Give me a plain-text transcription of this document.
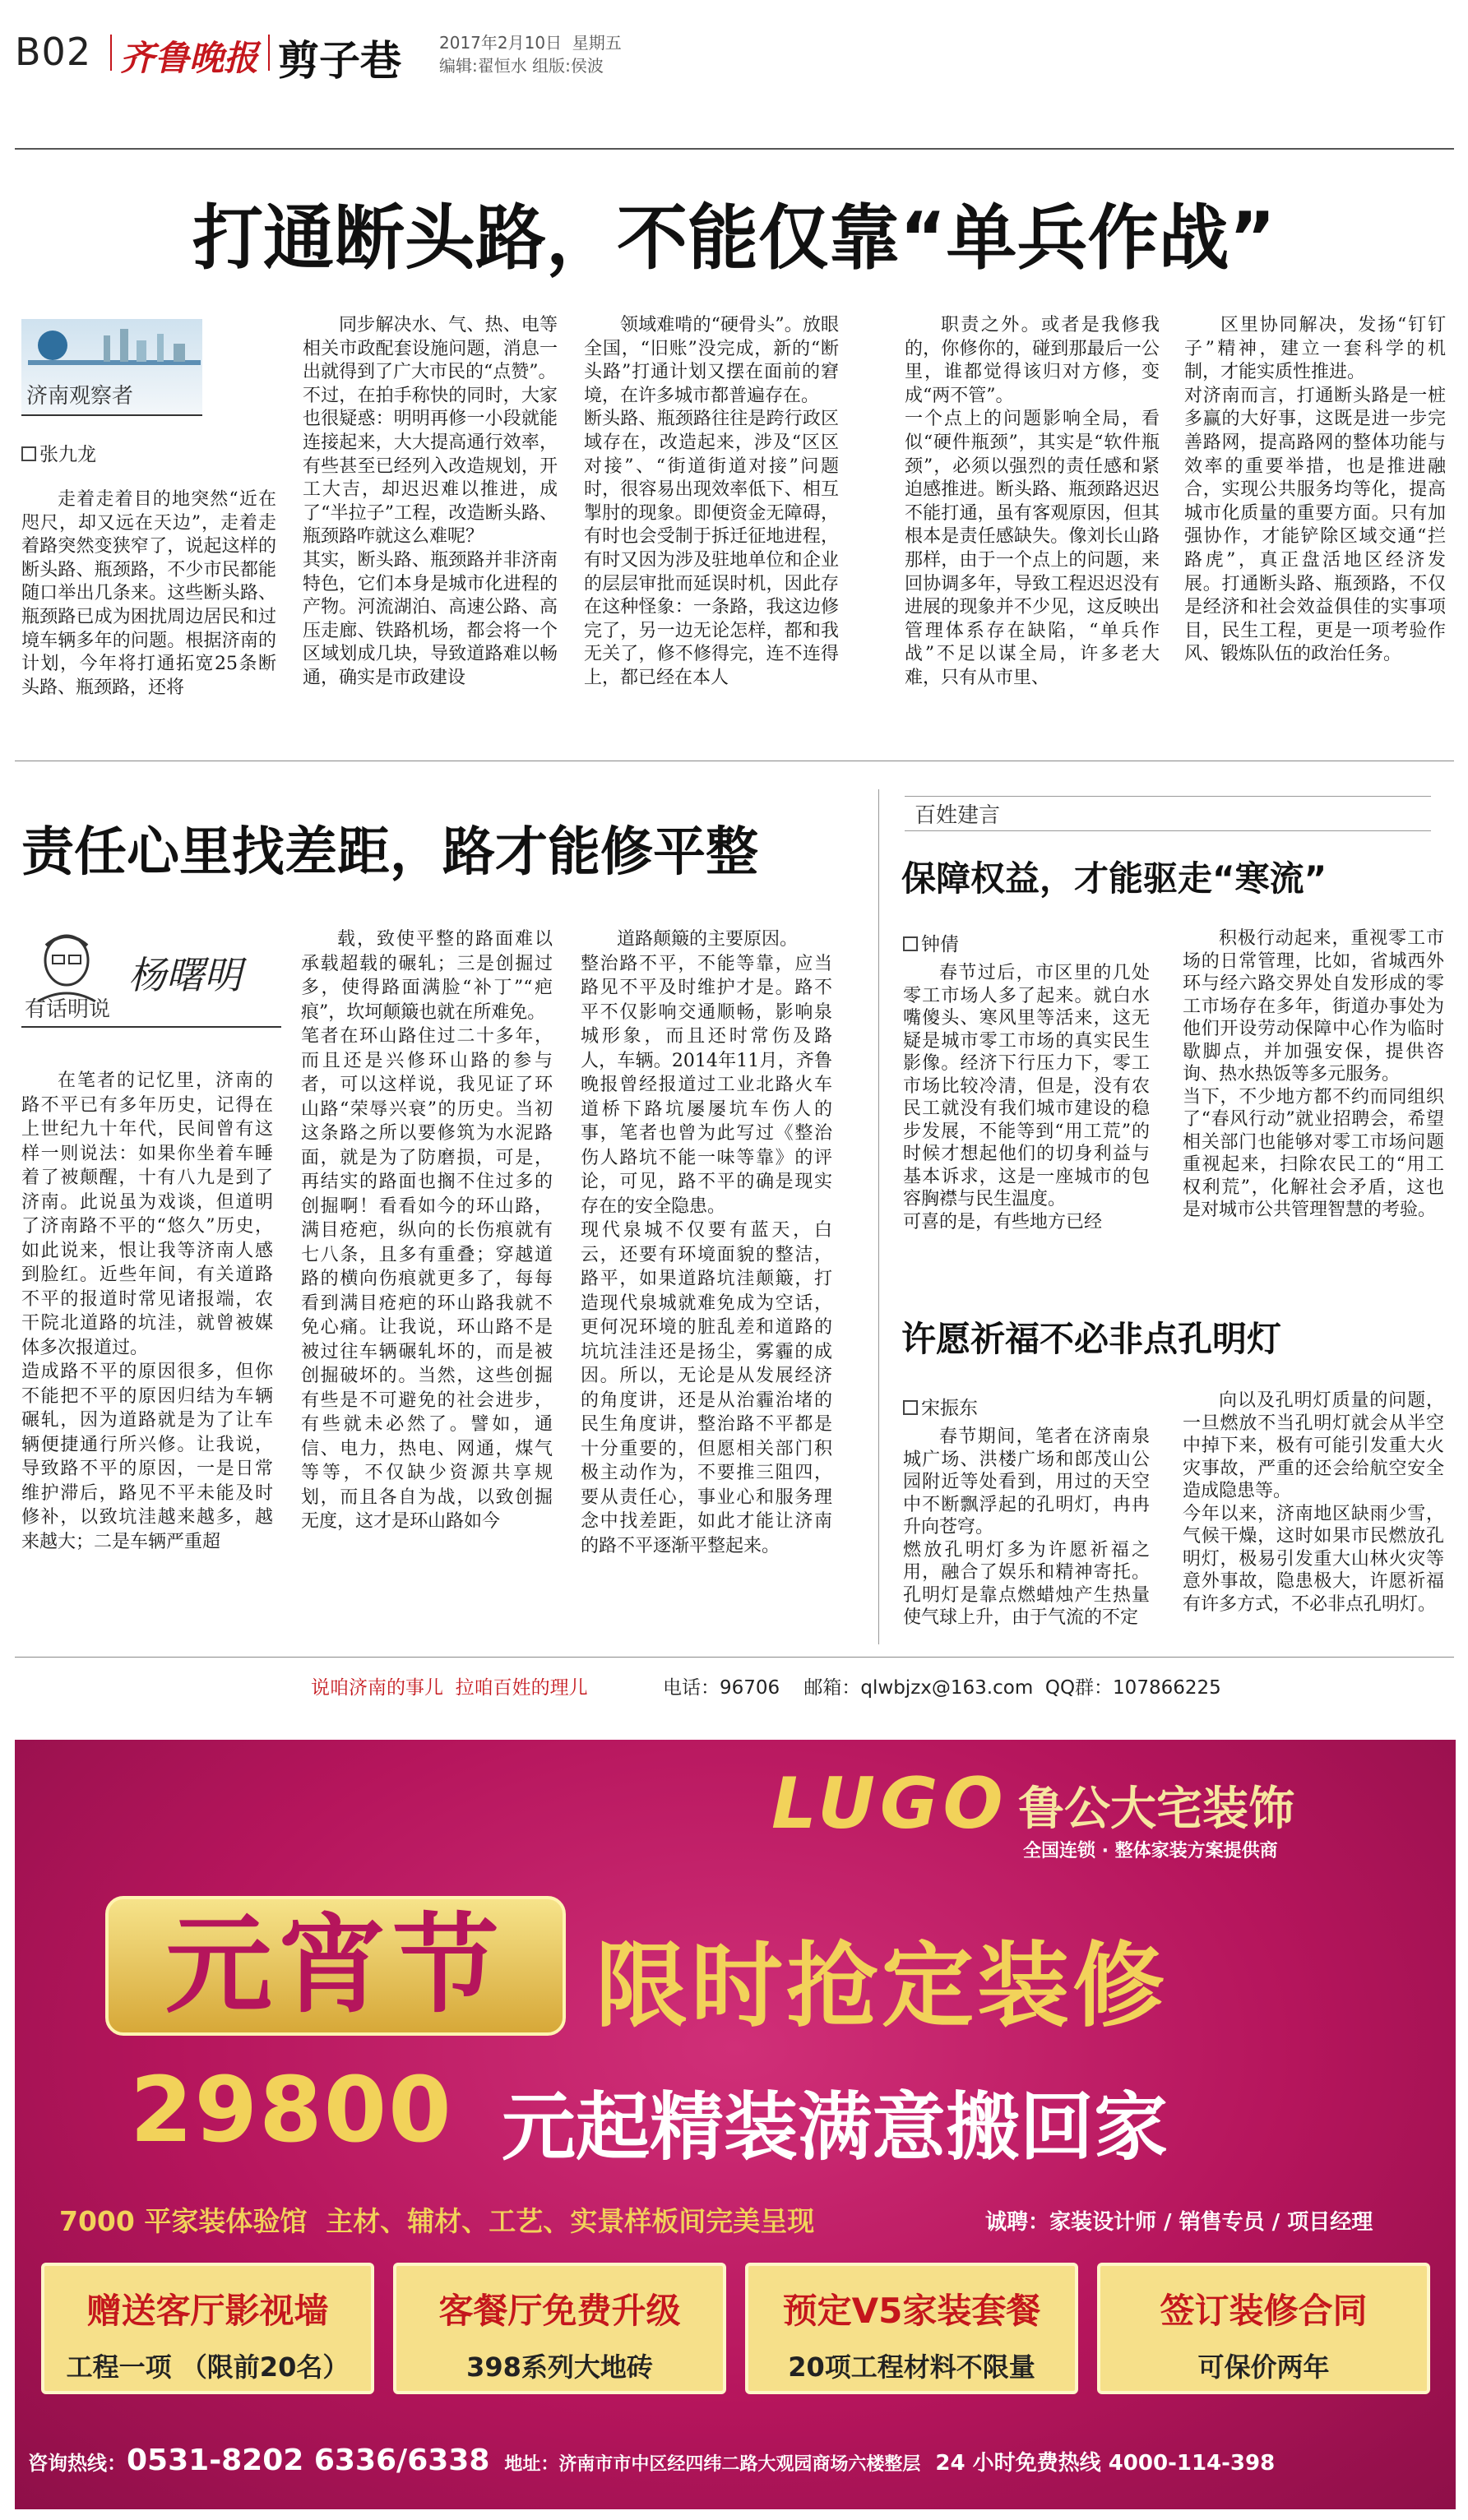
B02 齐鲁晚报 剪子巷 2017年2月10日 星期五
编辑:翟恒水 组版:侯波
打通断头路，不能仅靠“单兵作战”
济南观察者
张九龙

走着走着目的地突然“近在咫尺，却又远在天边”，走着走着路突然变狭窄了，说起这样的断头路、瓶颈路，不少市民都能随口举出几条来。这些断头路、瓶颈路已成为困扰周边居民和过境车辆多年的问题。根据济南的计划，今年将打通拓宽25条断头路、瓶颈路，还将

同步解决水、气、热、电等相关市政配套设施问题，消息一出就得到了广大市民的“点赞”。
不过，在拍手称快的同时，大家也很疑惑：明明再修一小段就能连接起来，大大提高通行效率，有些甚至已经列入改造规划，开工大吉，却迟迟难以推进，成了“半拉子”工程，改造断头路、瓶颈路咋就这么难呢？
其实，断头路、瓶颈路并非济南特色，它们本身是城市化进程的产物。河流湖泊、高速公路、高压走廊、铁路机场，都会将一个区域划成几块，导致道路难以畅通，确实是市政建设

领域难啃的“硬骨头”。放眼全国，“旧账”没完成，新的“断头路”打通计划又摆在面前的窘境，在许多城市都普遍存在。
断头路、瓶颈路往往是跨行政区域存在，改造起来，涉及“区区对接”、“街道街道对接”问题时，很容易出现效率低下、相互掣肘的现象。即便资金无障碍，有时也会受制于拆迁征地进程，有时又因为涉及驻地单位和企业的层层审批而延误时机，因此存在这种怪象：一条路，我这边修完了，另一边无论怎样，都和我无关了，修不修得完，连不连得上，都已经在本人

职责之外。或者是我修我的，你修你的，碰到那最后一公里，谁都觉得该归对方修，变成“两不管”。
一个点上的问题影响全局，看似“硬件瓶颈”，其实是“软件瓶颈”，必须以强烈的责任感和紧迫感推进。断头路、瓶颈路迟迟不能打通，虽有客观原因，但其根本是责任感缺失。像刘长山路那样，由于一个点上的问题，来回协调多年，导致工程迟迟没有进展的现象并不少见，这反映出管理体系存在缺陷，“单兵作战”不足以谋全局，许多老大难，只有从市里、

区里协同解决，发扬“钉钉子”精神，建立一套科学的机制，才能实质性推进。
对济南而言，打通断头路是一桩多赢的大好事，这既是进一步完善路网，提高路网的整体功能与效率的重要举措，也是推进融合，实现公共服务均等化，提高城市化质量的重要方面。只有加强协作，才能铲除区域交通“拦路虎”，真正盘活地区经济发展。打通断头路、瓶颈路，不仅是经济和社会效益俱佳的实事项目，民生工程，更是一项考验作风、锻炼队伍的政治任务。

责任心里找差距，路才能修平整
杨曙明
有话明说

在笔者的记忆里，济南的路不平已有多年历史，记得在上世纪九十年代，民间曾有这样一则说法：如果你坐着车睡着了被颠醒，十有八九是到了济南。此说虽为戏谈，但道明了济南路不平的“悠久”历史，如此说来，恨让我等济南人感到脸红。近些年间，有关道路不平的报道时常见诸报端，农干院北道路的坑洼，就曾被媒体多次报道过。
造成路不平的原因很多，但你不能把不平的原因归结为车辆碾轧，因为道路就是为了让车辆便捷通行所兴修。让我说，导致路不平的原因，一是日常维护滞后，路见不平未能及时修补，以致坑洼越来越多，越来越大；二是车辆严重超

载，致使平整的路面难以承载超载的碾轧；三是创掘过多，使得路面满脸“补丁”“疤痕”，坎坷颠簸也就在所难免。
笔者在环山路住过二十多年，而且还是兴修环山路的参与者，可以这样说，我见证了环山路“荣辱兴衰”的历史。当初这条路之所以要修筑为水泥路面，就是为了防磨损，可是，再结实的路面也搁不住过多的创掘啊！看看如今的环山路，满目疮疤，纵向的长伤痕就有七八条，且多有重叠；穿越道路的横向伤痕就更多了，每每看到满目疮疤的环山路我就不免心痛。让我说，环山路不是被过往车辆碾轧坏的，而是被创掘破坏的。当然，这些创掘有些是不可避免的社会进步，有些就未必然了。譬如，通信、电力，热电、网通，煤气等等，不仅缺少资源共享规划，而且各自为战，以致创掘无度，这才是环山路如今

道路颠簸的主要原因。
整治路不平，不能等靠，应当路见不平及时维护才是。路不平不仅影响交通顺畅，影响泉城形象，而且还时常伤及路人，车辆。2014年11月，齐鲁晚报曾经报道过工业北路火车道桥下路坑屡屡坑车伤人的事，笔者也曾为此写过《整治伤人路坑不能一味等靠》的评论，可见，路不平的确是现实存在的安全隐患。
现代泉城不仅要有蓝天，白云，还要有环境面貌的整洁，路平，如果道路坑洼颠簸，打造现代泉城就难免成为空话，更何况环境的脏乱差和道路的坑坑洼洼还是扬尘，雾霾的成因。所以，无论是从发展经济的角度讲，还是从治霾治堵的民生角度讲，整治路不平都是十分重要的，但愿相关部门积极主动作为，不要推三阻四，要从责任心，事业心和服务理念中找差距，如此才能让济南的路不平逐渐平整起来。

百姓建言
保障权益，才能驱走“寒流”
钟倩

春节过后，市区里的几处零工市场人多了起来。就白水嘴傻头、寒风里等活来，这无疑是城市零工市场的真实民生影像。经济下行压力下，零工市场比较冷清，但是，没有农民工就没有我们城市建设的稳步发展，不能等到“用工荒”的时候才想起他们的切身利益与基本诉求，这是一座城市的包容胸襟与民生温度。
可喜的是，有些地方已经

积极行动起来，重视零工市场的日常管理，比如，省城西外环与经六路交界处自发形成的零工市场存在多年，街道办事处为他们开设劳动保障中心作为临时歇脚点，并加强安保，提供咨询、热水热饭等多元服务。
当下，不少地方都不约而同组织了“春风行动”就业招聘会，希望相关部门也能够对零工市场问题重视起来，扫除农民工的“用工权利荒”，化解社会矛盾，这也是对城市公共管理智慧的考验。

许愿祈福不必非点孔明灯
宋振东

春节期间，笔者在济南泉城广场、洪楼广场和郎茂山公园附近等处看到，用过的天空中不断飘浮起的孔明灯，冉冉升向苍穹。
燃放孔明灯多为许愿祈福之用，融合了娱乐和精神寄托。孔明灯是靠点燃蜡烛产生热量使气球上升，由于气流的不定

向以及孔明灯质量的问题，一旦燃放不当孔明灯就会从半空中掉下来，极有可能引发重大火灾事故，严重的还会给航空安全造成隐患等。
今年以来，济南地区缺雨少雪，气候干燥，这时如果市民燃放孔明灯，极易引发重大山林火灾等意外事故，隐患极大，许愿祈福有许多方式，不必非点孔明灯。

说咱济南的事儿  拉咱百姓的理儿	电话：96706    邮箱：qlwbjzx@163.com  QQ群：107866225
LUGO 鲁公大宅装饰
全国连锁 · 整体家装方案提供商
元宵节 限时抢定装修
29800 元起精装满意搬回家
7000 平家装体验馆  主材、辅材、工艺、实景样板间完美呈现	诚聘：家装设计师 / 销售专员 / 项目经理
赠送客厅影视墙
工程一项 （限前20名）
客餐厅免费升级
398系列大地砖
预定V5家装套餐
20项工程材料不限量
签订装修合同
可保价两年
咨询热线：0531-8202 6336/6338 地址：济南市市中区经四纬二路大观园商场六楼整层 24 小时免费热线 4000-114-398
